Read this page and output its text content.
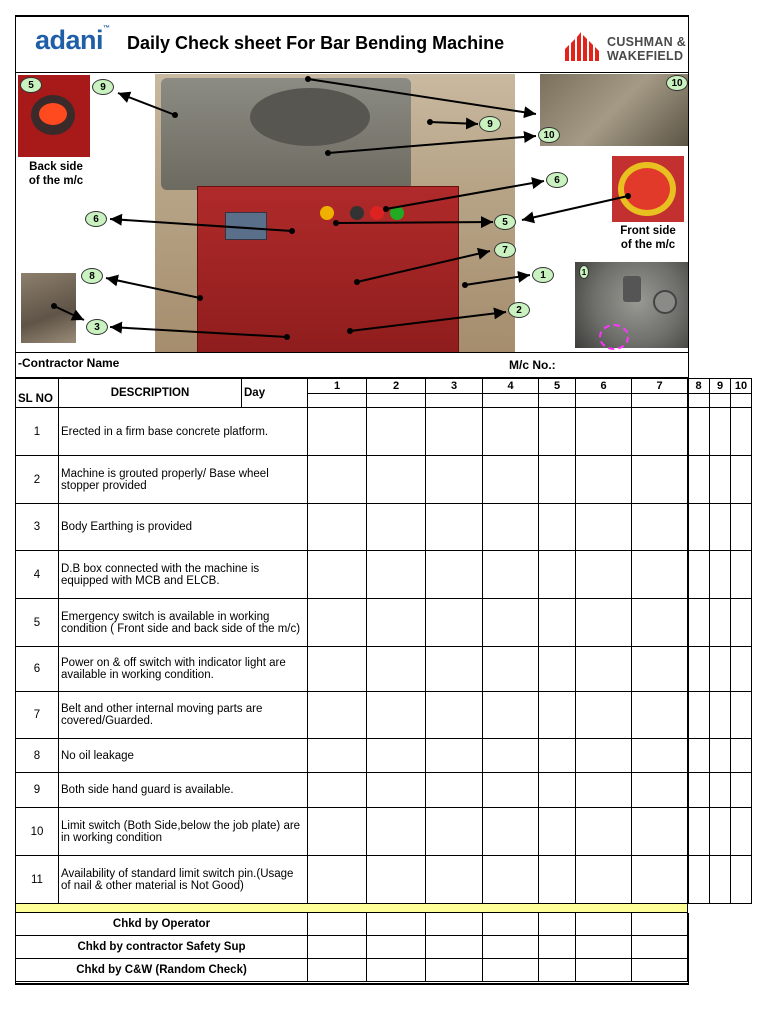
adani™
Daily Check sheet For Bar Bending Machine	CUSHMAN &
WAKEFIELD
Back side
of the m/c
Front side
of the m/c
5	9
9
10
10
6
6	5
7
8	1
2
3
1
-Contractor Name	M/c No.:
SL NO	DESCRIPTION	Day	1	2	3	4	5	6	7	8	9	10

1	Erected in a firm base concrete platform.											
2	Machine is grouted properly/ Base wheel stopper provided											
3	Body Earthing is provided											
4	D.B box connected with the machine is equipped with MCB and ELCB.											
5	Emergency switch is available in working condition ( Front side and back side of the m/c)											
6	Power on & off switch with indicator light are available in working condition.											
7	Belt and other internal moving parts are covered/Guarded.											
8	No oil leakage											
9	Both side hand guard is available.											
10	Limit switch (Both Side,below the job plate) are in working condition											
11	Availability of standard limit switch pin.(Usage of nail & other material is Not Good)											

Chkd by Operator												
Chkd by contractor Safety Sup												
Chkd by C&W (Random Check)												
